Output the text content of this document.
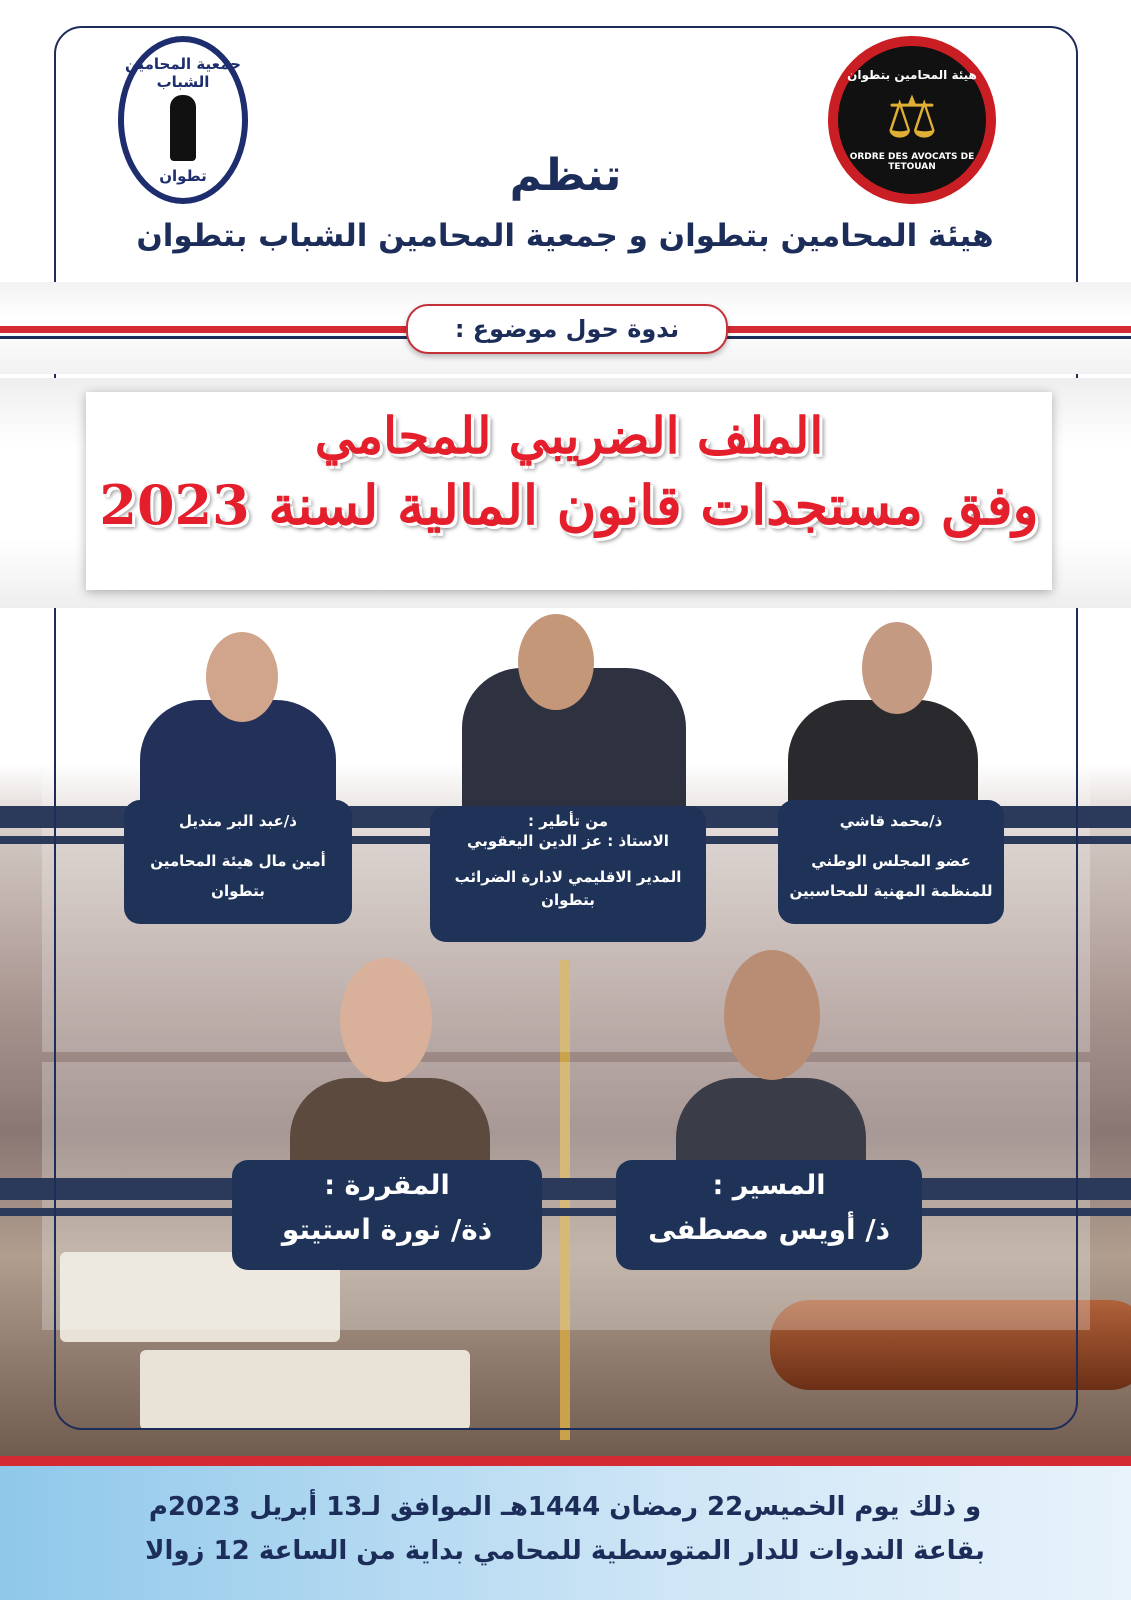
جمعية المحامين الشباب
تطوان
هيئة المحامين بتطوان
⚖
ORDRE DES AVOCATS DE TETOUAN
تنظم
هيئة المحامين بتطوان و جمعية المحامين الشباب بتطوان
ندوة حول موضوع :
الملف الضريبي للمحامي
وفق مستجدات قانون المالية لسنة 2023
ذ/محمد قاشي
عضو المجلس الوطني
للمنظمة المهنية للمحاسبين
من تأطير :
الاستاذ : عز الدين اليعقوبي
المدير الاقليمي لادارة الضرائب
بتطوان
ذ/عبد البر منديل
أمين مال هيئة المحامين
بتطوان
المسير :
ذ/ أويس مصطفى
المقررة :
ذة/ نورة استيتو
و ذلك يوم الخميس22 رمضان 1444هـ الموافق لـ13 أبريل 2023م
بقاعة الندوات للدار المتوسطية للمحامي بداية من الساعة 12 زوالا
